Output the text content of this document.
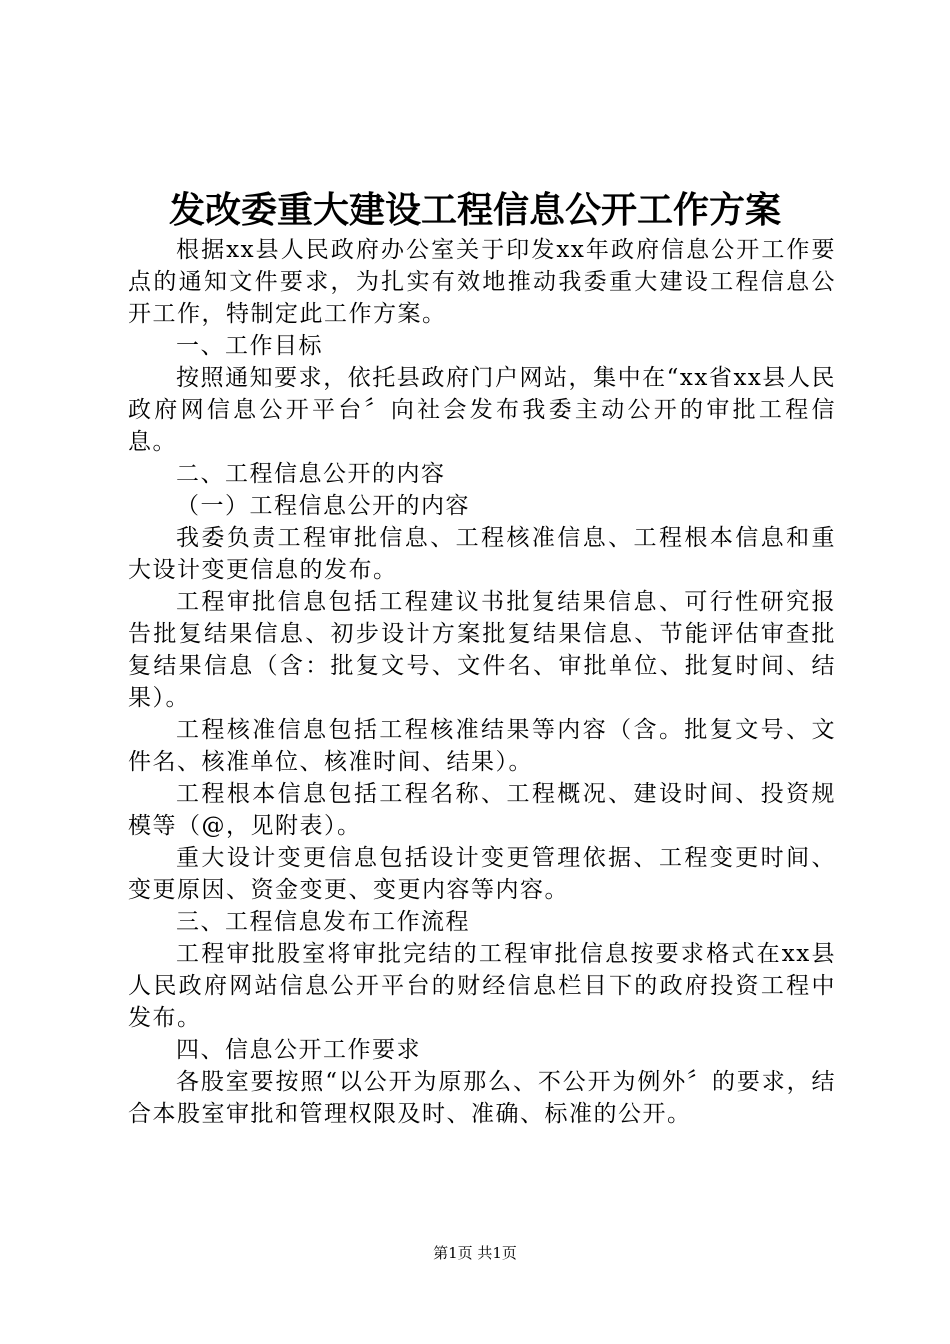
发改委重大建设工程信息公开工作方案

根据xx县人民政府办公室关于印发xx年政府信息公开工作要点的通知文件要求，为扎实有效地推动我委重大建设工程信息公开工作，特制定此工作方案。

一、工作目标

按照通知要求，依托县政府门户网站，集中在“xx省xx县人民政府网信息公开平台〞向社会发布我委主动公开的审批工程信息。

二、工程信息公开的内容

（一）工程信息公开的内容

我委负责工程审批信息、工程核准信息、工程根本信息和重大设计变更信息的发布。

工程审批信息包括工程建议书批复结果信息、可行性研究报告批复结果信息、初步设计方案批复结果信息、节能评估审查批复结果信息（含：批复文号、文件名、审批单位、批复时间、结果）。

工程核准信息包括工程核准结果等内容（含。批复文号、文件名、核准单位、核准时间、结果）。

工程根本信息包括工程名称、工程概况、建设时间、投资规模等（@，见附表）。

重大设计变更信息包括设计变更管理依据、工程变更时间、变更原因、资金变更、变更内容等内容。

三、工程信息发布工作流程

工程审批股室将审批完结的工程审批信息按要求格式在xx县人民政府网站信息公开平台的财经信息栏目下的政府投资工程中发布。

四、信息公开工作要求

各股室要按照“以公开为原那么、不公开为例外〞的要求，结合本股室审批和管理权限及时、准确、标准的公开。

第1页 共1页
